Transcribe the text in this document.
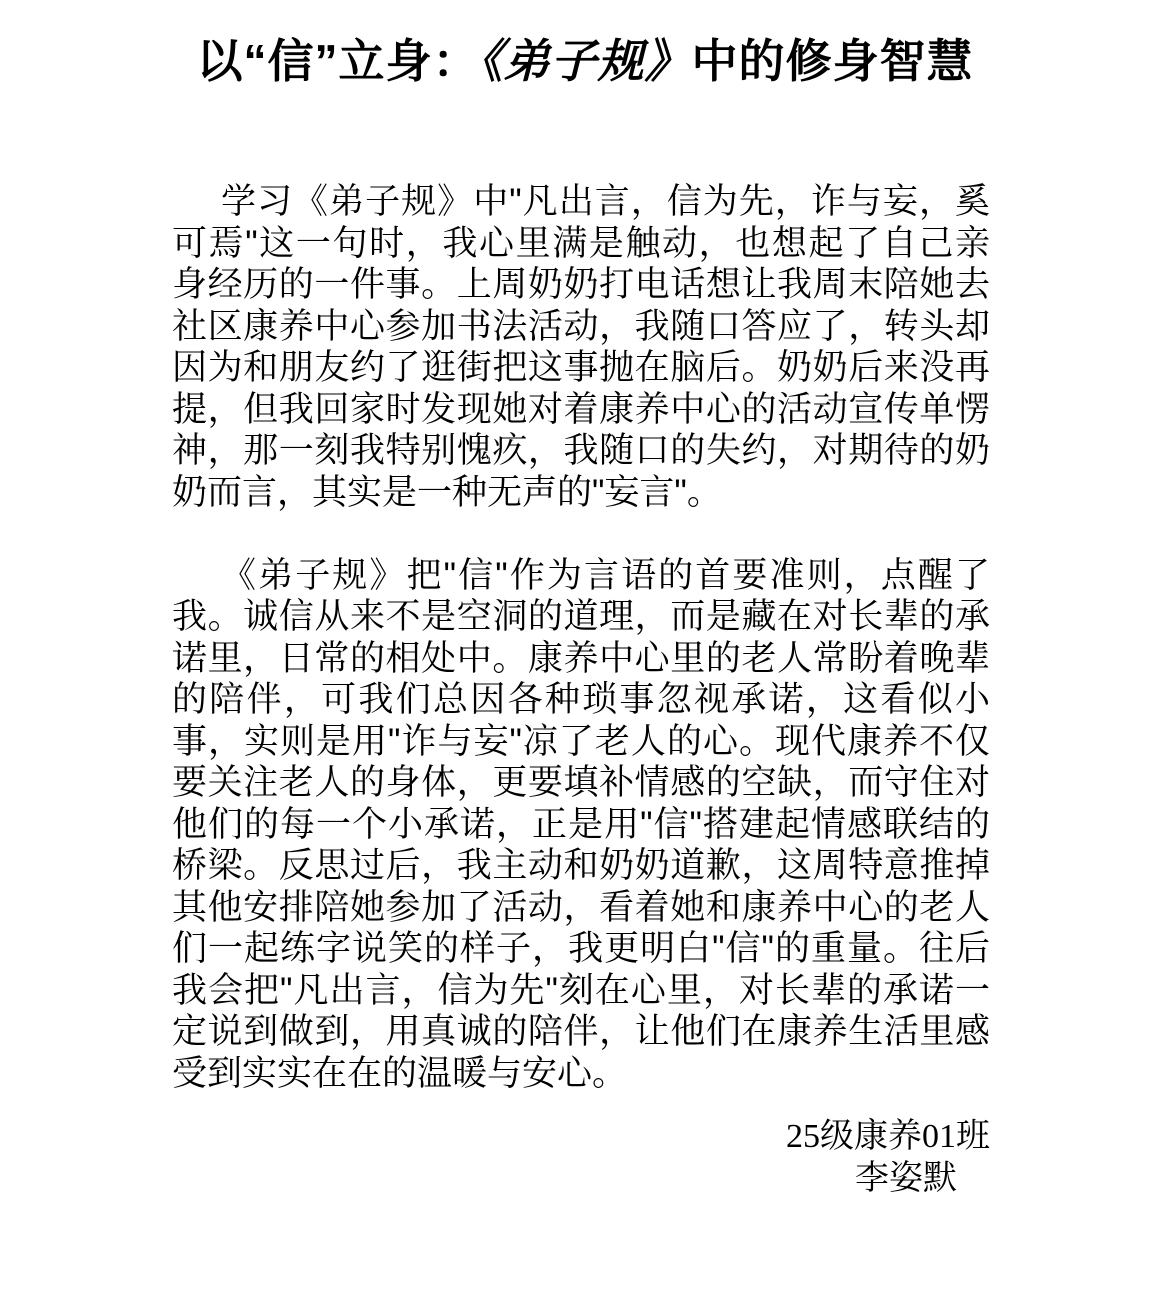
以“信”立身：《弟子规》中的修身智慧
学习《弟子规》中"凡出言，信为先，诈与妄，奚
可焉"这一句时，我心里满是触动，也想起了自己亲
身经历的一件事。上周奶奶打电话想让我周末陪她去
社区康养中心参加书法活动，我随口答应了，转头却
因为和朋友约了逛街把这事抛在脑后。奶奶后来没再
提，但我回家时发现她对着康养中心的活动宣传单愣
神，那一刻我特别愧疚，我随口的失约，对期待的奶
奶而言，其实是一种无声的"妄言"。
《弟子规》把"信"作为言语的首要准则，点醒了
我。诚信从来不是空洞的道理，而是藏在对长辈的承
诺里，日常的相处中。康养中心里的老人常盼着晚辈
的陪伴，可我们总因各种琐事忽视承诺，这看似小
事，实则是用"诈与妄"凉了老人的心。现代康养不仅
要关注老人的身体，更要填补情感的空缺，而守住对
他们的每一个小承诺，正是用"信"搭建起情感联结的
桥梁。反思过后，我主动和奶奶道歉，这周特意推掉
其他安排陪她参加了活动，看着她和康养中心的老人
们一起练字说笑的样子，我更明白"信"的重量。往后
我会把"凡出言，信为先"刻在心里，对长辈的承诺一
定说到做到，用真诚的陪伴，让他们在康养生活里感
受到实实在在的温暖与安心。
25级康养01班
李姿默
